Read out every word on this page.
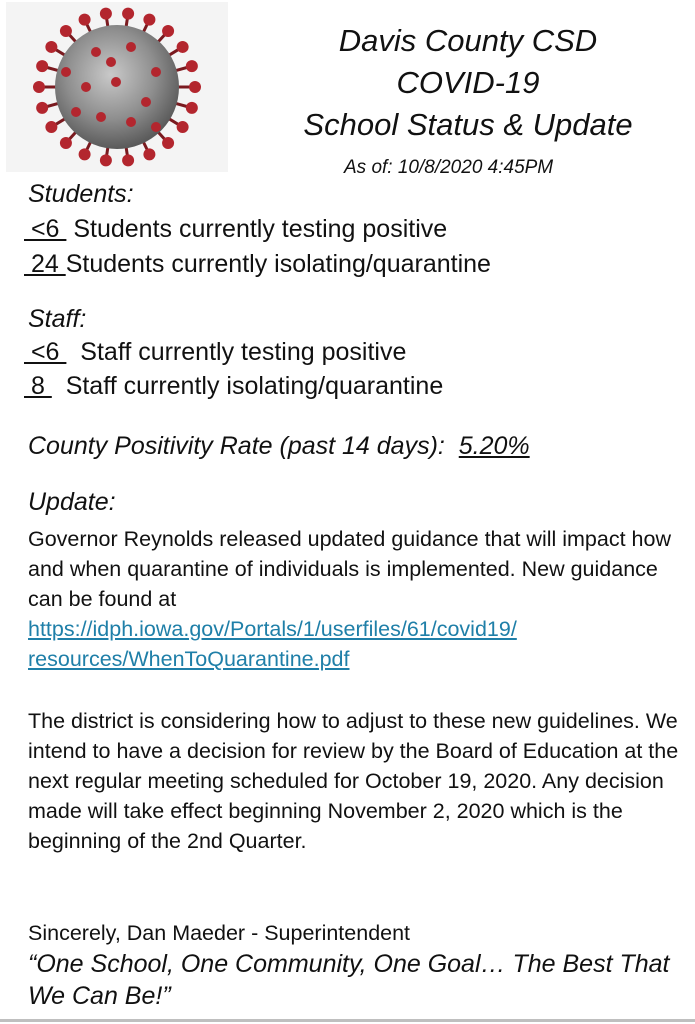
Davis County CSD
COVID-19
School Status & Update
As of: 10/8/2020 4:45PM
Students:
<6  Students currently testing positive
24 Students currently isolating/quarantine
Staff:
<6   Staff currently testing positive
8   Staff currently isolating/quarantine
County Positivity Rate (past 14 days):  5.20%
Update:
Governor Reynolds released updated guidance that will impact how and when quarantine of individuals is implemented. New guidance can be found at
https://idph.iowa.gov/Portals/1/userfiles/61/covid19/
resources/WhenToQuarantine.pdf
The district is considering how to adjust to these new guidelines. We intend to have a decision for review by the Board of Education at the next regular meeting scheduled for October 19, 2020. Any decision made will take effect beginning November 2, 2020 which is the beginning of the 2nd Quarter.
Sincerely, Dan Maeder - Superintendent
“One School, One Community, One Goal… The Best That We Can Be!”
